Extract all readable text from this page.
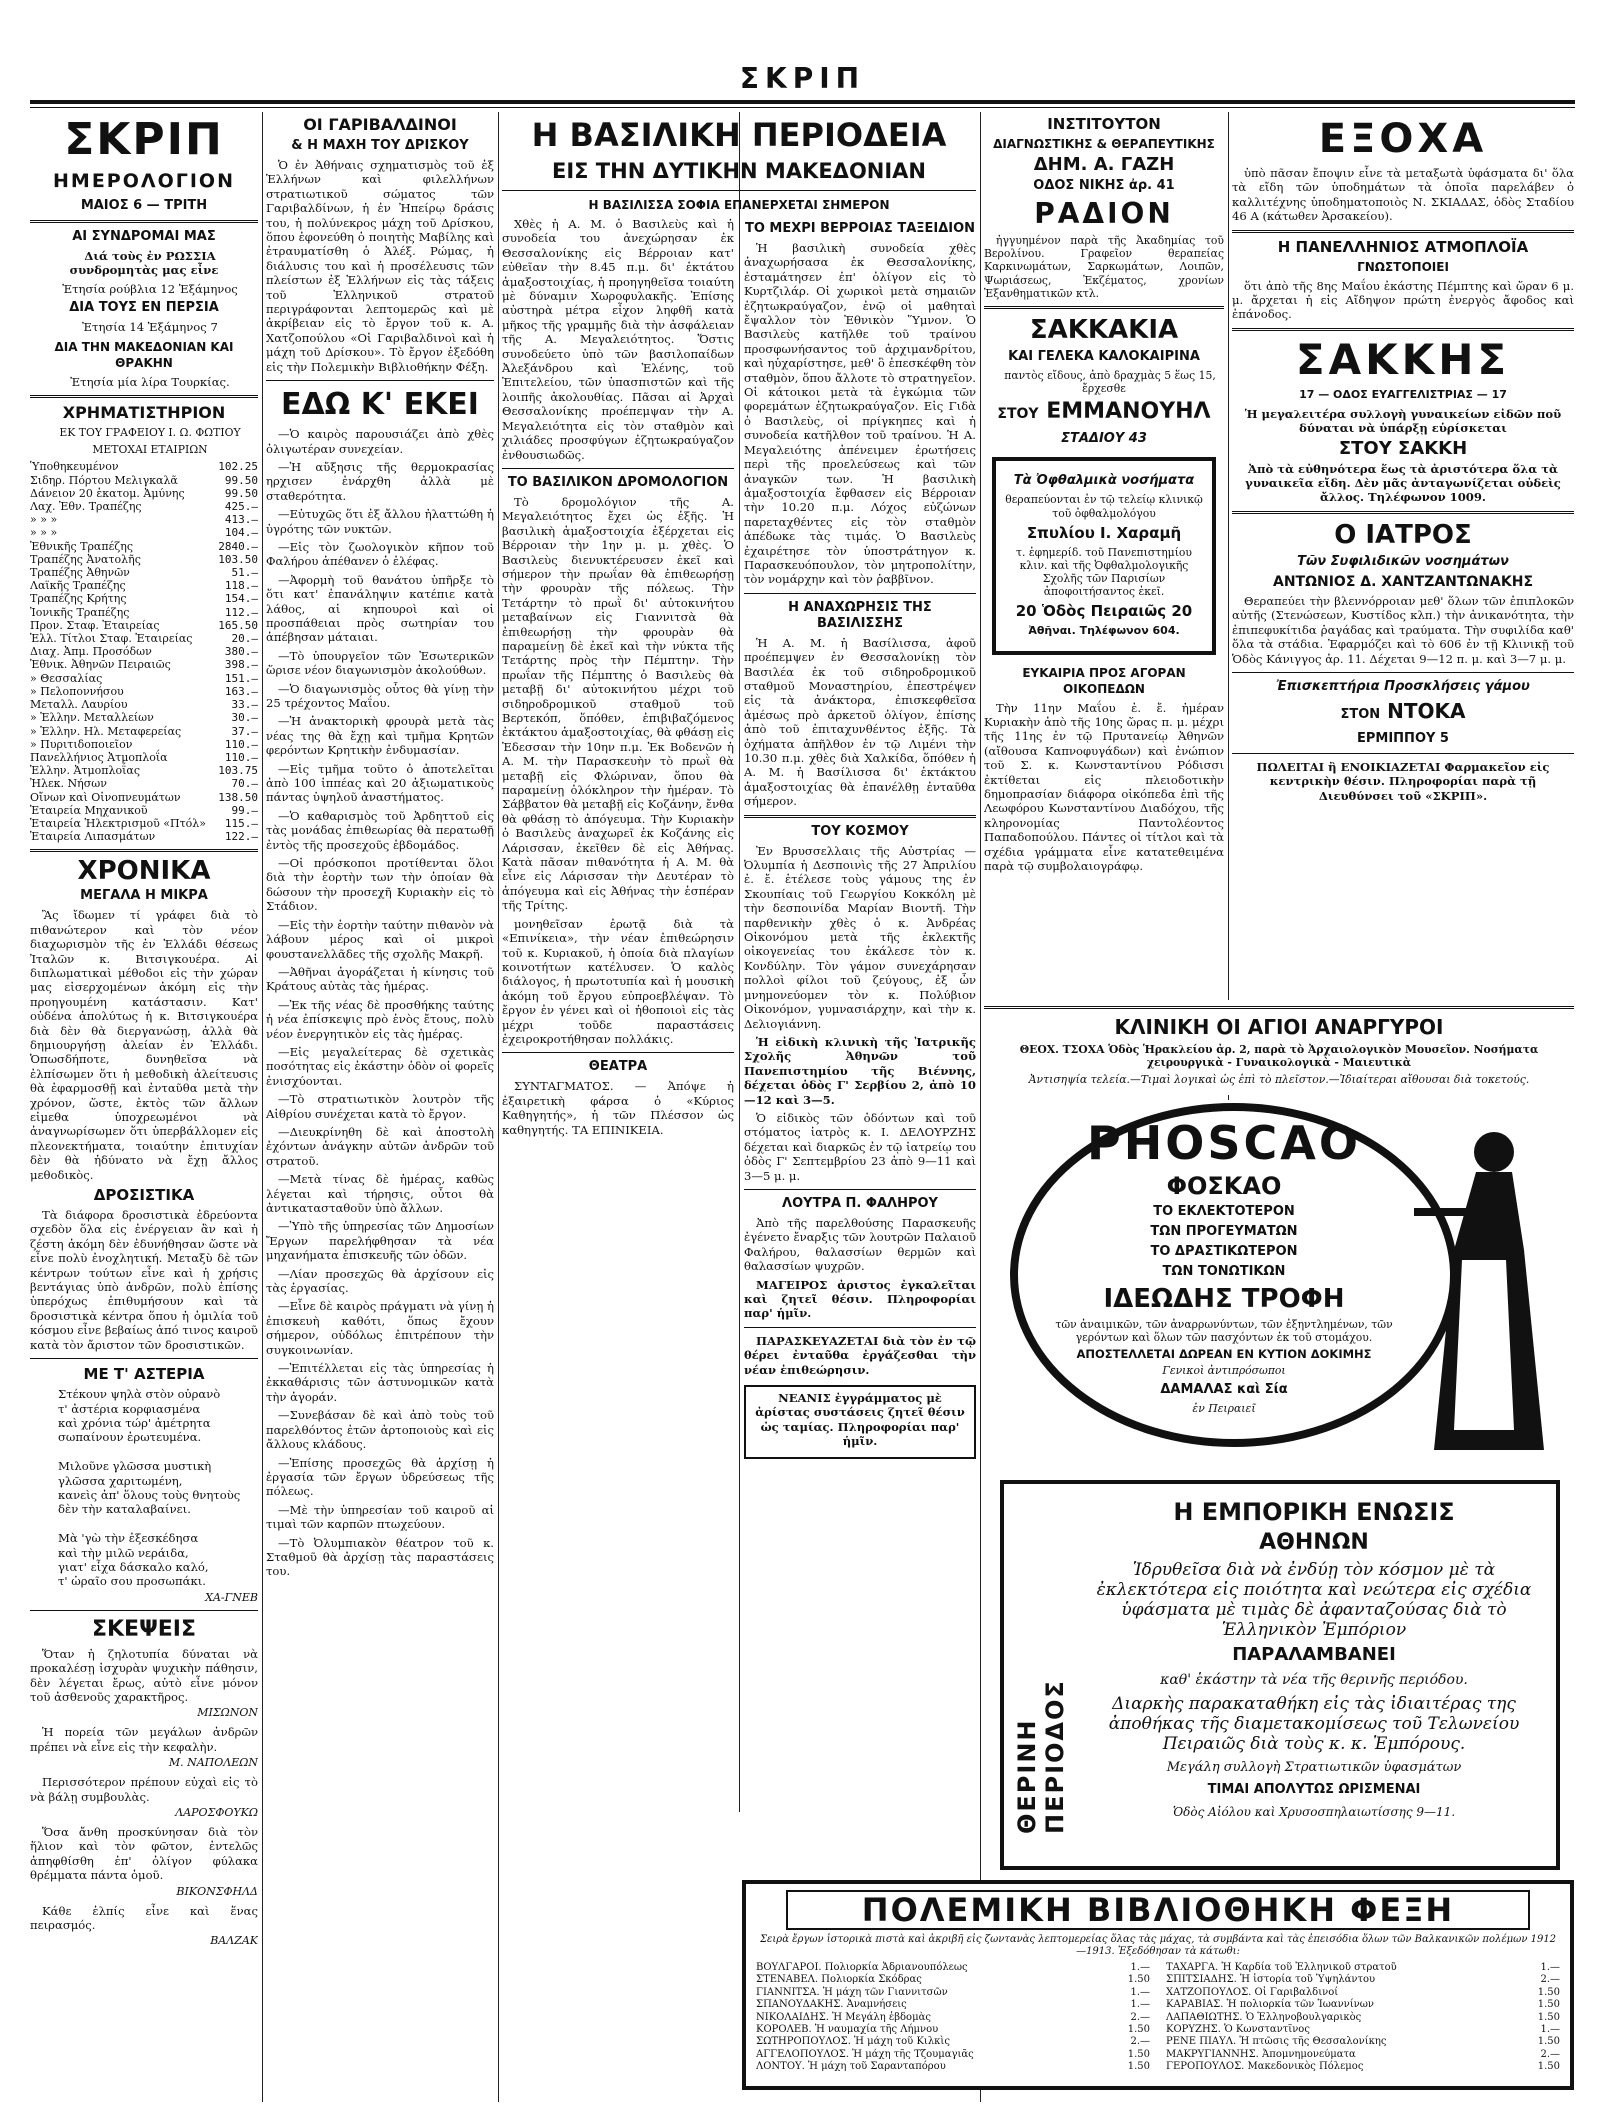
ΣΚΡΙΠ
ΣΚΡΙΠ
ΗΜΕΡΟΛΟΓΙΟΝ
ΜΑΙΟΣ 6 — ΤΡΙΤΗ
ΑΙ ΣΥΝΔΡΟΜΑΙ ΜΑΣ
Διά τοὺς ἐν ΡΩΣΣΙΑ συνδρομητὰς μας εἶνε
Ἐτησία ρούβλια 12 Ἑξάμηνος
ΔΙΑ ΤΟΥΣ ΕΝ ΠΕΡΣΙΑ
Ἐτησία 14 Ἑξάμηνος 7
ΔΙΑ ΤΗΝ ΜΑΚΕΔΟΝΙΑΝ ΚΑΙ ΘΡΑΚΗΝ
Ἐτησία μία λίρα Τουρκίας.
ΧΡΗΜΑΤΙΣΤΗΡΙΟΝ
ΕΚ ΤΟΥ ΓΡΑΦΕΙΟΥ Ι. Ω. ΦΩΤΙΟΥ
ΜΕΤΟΧΑΙ ΕΤΑΙΡΙΩΝ
Ὑποθηκευμένον	102.25
Σιδηρ. Πόρτου Μελιγκαλᾶ	99.50
Δάνειον 20 ἑκατομ. Ἀμύνης	99.50
Λαχ. Ἐθν. Τραπέζης	425.—
» » »	413.—
» » »	104.—
Ἐθνικῆς Τραπέζης	2840.—
Τραπέζης Ἀνατολῆς	103.50
Τραπέζης Ἀθηνῶν	51.—
Λαϊκῆς Τραπέζης	118.—
Τραπέζης Κρήτης	154.—
Ἰονικῆς Τραπέζης	112.—
Προν. Σταφ. Ἑταιρείας	165.50
Ἑλλ. Τίτλοι Σταφ. Ἑταιρείας	20.—
Διαχ. Ἀπμ. Προσόδων	380.—
Ἐθνικ. Ἀθηνῶν Πειραιῶς	398.—
» Θεσσαλίας	151.—
» Πελοποννήσου	163.—
Μεταλλ. Λαυρίου	33.—
» Ἑλλην. Μεταλλείων	30.—
» Ἑλλην. Ηλ. Μεταφερείας	37.—
» Πυριτιδοποιεῖον	110.—
Πανελλήνιος Ἀτμοπλοΐα	110.—
Ἑλλην. Ἀτμοπλοΐας	103.75
Ἠλεκ. Νήσων	70.—
Οἴνων καὶ Οἰνοπνευμάτων	138.50
Ἑταιρεία Μηχανικοῦ	99.—
Ἑταιρεία Ἡλεκτρισμοῦ «Πτόλ» 115.—
Ἑταιρεία Λιπασμάτων	122.—
ΧΡΟΝΙΚΑ
ΜΕΓΑΛΑ Η ΜΙΚΡΑ

Ἂς ἴδωμεν τί γράφει διὰ τὸ πιθανώτερον καὶ τὸν νέον διαχωρισμὸν τῆς ἐν Ἑλλάδι θέσεως Ἰταλῶν κ. Βιτσιγκουέρα. Αἱ διπλωματικαὶ μέθοδοι εἰς τὴν χώραν μας εἰσερχομένων ἀκόμη εἰς τὴν προηγουμένη κατάστασιν. Κατ' οὐδένα ἀπολύτως ἡ κ. Βιτσιγκουέρα διὰ δὲν θὰ διεργανώσῃ, ἀλλὰ θὰ δημιουργήσῃ ἀλείαν ἐν Ἑλλάδι. Ὁπωσδήποτε, δυνηθεῖσα νὰ ἐλπίσωμεν ὅτι ἡ μεθοδικὴ ἀλείτευσις θὰ ἐφαρμοσθῇ καὶ ἐνταῦθα μετὰ τὴν χρόνον, ὥστε, ἐκτὸς τῶν ἄλλων εἰμεθα ὑποχρεωμένοι νὰ ἀναγνωρίσωμεν ὅτι ὑπερβάλλομεν εἰς πλεονεκτήματα, τοιαύτην ἐπιτυχίαν δὲν θὰ ἠδύνατο νὰ ἔχῃ ἄλλος μεθοδικὸς.

ΔΡΟΣΙΣΤΙΚΑ

Τὰ διάφορα δροσιστικὰ ἐδρεύοντα σχεδὸν ὅλα εἰς ἐνέργειαν ἂν καὶ ἡ ζέστη ἀκόμη δὲν ἐδυνήθησαν ὥστε νὰ εἶνε πολὺ ἐνοχλητική. Μεταξὺ δὲ τῶν κέντρων τούτων εἶνε καὶ ἡ χρήσις βεντάγιας ὑπὸ ἀνδρῶν, πολὺ ἐπίσης ὑπερόχως ἐπιθυμήσουν καὶ τὰ δροσιστικὰ κέντρα ὅπου ἡ ὁμιλία τοῦ κόσμου εἶνε βεβαίως ἀπό τινος καιροῦ κατὰ τὸν ἄριστον τῶν δροσιστικῶν.

ΜΕ Τ' ΑΣΤΕΡΙΑ
Στέκουν ψηλὰ στὸν οὐρανὸ
τ' ἀστέρια κορφιασμένα
καὶ χρόνια τώρ' ἀμέτρητα
σωπαίνουν ἐρωτευμένα.

Μιλοῦνε γλῶσσα μυστικὴ
γλῶσσα χαριτωμένη,
κανεὶς ἀπ' ὅλους τοὺς θνητοὺς
δὲν τὴν καταλαβαίνει.

Μὰ 'γὼ τὴν ἐξεσκέδησα
καὶ τὴν μιλῶ νεράιδα,
γιατ' εἶχα δάσκαλο καλό,
τ' ὡραῖο σου προσωπάκι.
ΧΑ-ΓΝΕΒ
ΣΚΕΨΕΙΣ

Ὅταν ἡ ζηλοτυπία δύναται νὰ προκαλέσῃ ἰσχυρὰν ψυχικὴν πάθησιν, δὲν λέγεται ἔρως, αὐτὸ εἶνε μόνον τοῦ ἀσθενοῦς χαρακτῆρος.

ΜΙΣΩΝΟΝ

Ἡ πορεία τῶν μεγάλων ἀνδρῶν πρέπει νὰ εἶνε εἰς τὴν κεφαλὴν.

Μ. ΝΑΠΟΛΕΩΝ

Περισσότερον πρέπουν εὐχαὶ εἰς τὸ νὰ βάλῃ συμβουλὰς.

ΛΑΡΟΣΦΟΥΚΩ

Ὅσα ἄνθη προσκύνησαν διὰ τὸν ἥλιον καὶ τὸν φῶτον, ἐντελῶς ἀπηφθίσθη ἐπ' ὀλίγον φύλακα θρέμματα πάντα ὁμοῦ.

ΒΙΚΟΝΣΦΗΛΔ

Κάθε ἐλπίς εἶνε καὶ ἕνας πειρασμός.

ΒΑΛΖΑΚ
ΟΙ ΓΑΡΙΒΑΛΔΙΝΟΙ
& Η ΜΑΧΗ ΤΟΥ ΔΡΙΣΚΟΥ

Ὁ ἐν Ἀθήναις σχηματισμὸς τοῦ ἐξ Ἑλλήνων καὶ φιλελλήνων στρατιωτικοῦ σώματος τῶν Γαριβαλδίνων, ἡ ἐν Ἠπείρῳ δράσις του, ἡ πολύνεκρος μάχη τοῦ Δρίσκου, ὅπου ἐφονεύθη ὁ ποιητὴς Μαβίλης καὶ ἐτραυματίσθη ὁ Ἀλέξ. Ρώμας, ἡ διάλυσις του καὶ ἡ προσέλευσις τῶν πλείστων ἐξ Ἑλλήνων εἰς τὰς τάξεις τοῦ Ἑλληνικοῦ στρατοῦ περιγράφονται λεπτομερῶς καὶ μὲ ἀκρίβειαν εἰς τὸ ἔργον τοῦ κ. Α. Χατζοπούλου «Οἱ Γαριβαλδινοὶ καὶ ἡ μάχη τοῦ Δρίσκου». Τὸ ἔργον ἐξεδόθη εἰς τὴν Πολεμικὴν Βιβλιοθήκην Φέξη.

ΕΔΩ Κ' ΕΚΕΙ

—Ὁ καιρὸς παρουσιάζει ἀπὸ χθὲς ὀλιγωτέραν συνεχείαν.

—Ἡ αὔξησις τῆς θερμοκρασίας ηρχισεν ἐνάρχθη ἀλλὰ μὲ σταθερότητα.

—Εὐτυχῶς ὅτι ἐξ ἄλλου ἠλαττώθη ἡ ὑγρότης τῶν νυκτῶν.

—Εἰς τὸν ζωολογικὸν κῆπον τοῦ Φαλήρου ἀπέθανεν ὁ ἐλέφας.

—Ἀφορμὴ τοῦ θανάτου ὑπῆρξε τὸ ὅτι κατ' ἐπανάληψιν κατέπιε κατὰ λάθος, αἱ κηπουροὶ καὶ οἱ προσπάθειαι πρὸς σωτηρίαν του ἀπέβησαν μάταιαι.

—Τὸ ὑπουργεῖον τῶν Ἐσωτερικῶν ὥρισε νέον διαγωνισμὸν ἀκολούθων.

—Ὁ διαγωνισμὸς οὗτος θὰ γίνῃ τὴν 25 τρέχοντος Μαΐου.

—Ἡ ἀνακτορικὴ φρουρὰ μετὰ τὰς νέας της θὰ ἔχῃ καὶ τμῆμα Κρητῶν φερόντων Κρητικὴν ἐνδυμασίαν.

—Εἰς τμῆμα τοῦτο ὁ ἀποτελεῖται ἀπὸ 100 ἱππέας καὶ 20 ἀξιωματικοὺς πάντας ὑψηλοῦ ἀναστήματος.

—Ὁ καθαρισμὸς τοῦ Ἀρδηττοῦ εἰς τὰς μονάδας ἐπιθεωρίας θὰ περατωθῇ ἐντὸς τῆς προσεχοῦς ἑβδομάδος.

—Οἱ πρόσκοποι προτίθενται ὅλοι διὰ τὴν ἑορτὴν των τὴν ὁποίαν θὰ δώσουν τὴν προσεχῆ Κυριακὴν εἰς τὸ Στάδιον.

—Εἰς τὴν ἑορτὴν ταύτην πιθανὸν νὰ λάβουν μέρος καὶ οἱ μικροὶ φουστανελλᾶδες τῆς σχολῆς Μακρῆ.

—Ἀθῆναι ἀγοράζεται ἡ κίνησις τοῦ Κράτους αὐτὰς τὰς ἡμέρας.

—Ἐκ τῆς νέας δὲ προσθήκης ταύτης ἡ νέα ἐπίσκεψις πρὸ ἑνὸς ἔτους, πολὺ νέον ἐνεργητικὸν εἰς τὰς ἡμέρας.

—Εἰς μεγαλείτερας δὲ σχετικὰς ποσότητας εἰς ἑκάστην ὁδὸν οἱ φορεῖς ἐνισχύονται.

—Τὸ στρατιωτικὸν λουτρὸν τῆς Αἰθρίου συνέχεται κατὰ τὸ ἔργον.

—Διευκρίνηθη δὲ καὶ ἀποστολὴ ἐχόντων ἀνάγκην αὐτῶν ἀνδρῶν τοῦ στρατοῦ.

—Μετὰ τίνας δὲ ἡμέρας, καθὼς λέγεται καὶ τήρησις, οὗτοι θὰ ἀντικατασταθοῦν ὑπὸ ἄλλων.

—Ὑπὸ τῆς ὑπηρεσίας τῶν Δημοσίων Ἔργων παρελήφθησαν τὰ νέα μηχανήματα ἐπισκευῆς τῶν ὁδῶν.

—Λίαν προσεχῶς θὰ ἀρχίσουν εἰς τὰς ἐργασίας.

—Εἶνε δὲ καιρὸς πράγματι νὰ γίνῃ ἡ ἐπισκευὴ καθότι, ὅπως ἔχουν σήμερον, οὐδόλως ἐπιτρέπουν τὴν συγκοινωνίαν.

—Ἐπιτέλλεται εἰς τὰς ὑπηρεσίας ἡ ἐκκαθάρισις τῶν ἀστυνομικῶν κατὰ τὴν ἀγοράν.

—Συνεβάσαν δὲ καὶ ἀπὸ τοὺς τοῦ παρελθόντος ἐτῶν ἀρτοποιοὺς καὶ εἰς ἄλλους κλάδους.

—Ἐπίσης προσεχῶς θὰ ἀρχίσῃ ἡ ἐργασία τῶν ἔργων ὑδρεύσεως τῆς πόλεως.

—Μὲ τὴν ὑπηρεσίαν τοῦ καιροῦ αἱ τιμαὶ τῶν καρπῶν πτωχεύουν.

—Τὸ Ὀλυμπιακὸν θέατρον τοῦ κ. Σταθμοῦ θὰ ἀρχίσῃ τὰς παραστάσεις του.

Η ΒΑΣΙΛΙΚΗ ΠΕΡΙΟΔΕΙΑ
ΕΙΣ ΤΗΝ ΔΥΤΙΚΗΝ ΜΑΚΕΔΟΝΙΑΝ
Η ΒΑΣΙΛΙΣΣΑ ΣΟΦΙΑ ΕΠΑΝΕΡΧΕΤΑΙ ΣΗΜΕΡΟΝ

Χθὲς ἡ Α. Μ. ὁ Βασιλεὺς καὶ ἡ συνοδεία του ἀνεχώρησαν ἐκ Θεσσαλονίκης εἰς Βέρροιαν κατ' εὐθεῖαν τὴν 8.45 π.μ. δι' ἐκτάτου ἀμαξοστοιχίας, ἡ προηγηθεῖσα τοιαύτη μὲ δύναμιν Χωροφυλακῆς. Ἐπίσης αὐστηρὰ μέτρα εἶχον ληφθῆ κατὰ μῆκος τῆς γραμμῆς διὰ τὴν ἀσφάλειαν τῆς Α. Μεγαλειότητος. Ὅστις συνοδεύετο ὑπὸ τῶν βασιλοπαίδων Ἀλεξάνδρου καὶ Ἑλένης, τοῦ Ἐπιτελείου, τῶν ὑπασπιστῶν καὶ τῆς λοιπῆς ἀκολουθίας. Πᾶσαι αἱ Ἀρχαὶ Θεσσαλονίκης προέπεμψαν τὴν Α. Μεγαλειότητα εἰς τὸν σταθμὸν καὶ χιλιάδες προσφύγων ἐζητωκραύγαζον ἐνθουσιωδῶς.

ΤΟ ΒΑΣΙΛΙΚΟΝ ΔΡΟΜΟΛΟΓΙΟΝ

Τὸ δρομολόγιον τῆς Α. Μεγαλειότητος ἔχει ὡς ἑξῆς. Ἡ βασιλικὴ ἁμαξοστοιχία ἐξέρχεται εἰς Βέρροιαν τὴν 1ην μ. μ. χθὲς. Ὁ Βασιλεὺς διενυκτέρευσεν ἐκεῖ καὶ σήμερον τὴν πρωΐαν θὰ ἐπιθεωρήσῃ τὴν φρουρὰν τῆς πόλεως. Τὴν Τετάρτην τὸ πρωῒ δι' αὐτοκινήτου μεταβαίνων εἰς Γιαννιτσὰ θὰ ἐπιθεωρήσῃ τὴν φρουρὰν θὰ παραμείνῃ δὲ ἐκεῖ καὶ τὴν νύκτα τῆς Τετάρτης πρὸς τὴν Πέμπτην. Τὴν πρωΐαν τῆς Πέμπτης ὁ Βασιλεὺς θὰ μεταβῇ δι' αὐτοκινήτου μέχρι τοῦ σιδηροδρομικοῦ σταθμοῦ τοῦ Βερτεκόπ, ὅπόθεν, ἐπιβιβαζόμενος ἐκτάκτου ἁμαξοστοιχίας, θὰ φθάσῃ εἰς Ἐδεσσαν τὴν 10ην π.μ. Ἐκ Βοδενῶν ἡ Α. Μ. τὴν Παρασκευὴν τὸ πρωῒ θὰ μεταβῇ εἰς Φλώριναν, ὅπου θὰ παραμείνῃ ὁλόκληρον τὴν ἡμέραν. Τὸ Σάββατον θὰ μεταβῇ εἰς Κοζάνην, ἔνθα θὰ φθάσῃ τὸ ἀπόγευμα. Τὴν Κυριακὴν ὁ Βασιλεὺς ἀναχωρεῖ ἐκ Κοζάνης εἰς Λάρισσαν, ἐκεῖθεν δὲ εἰς Ἀθήνας. Κατὰ πᾶσαν πιθανότητα ἡ Α. Μ. θὰ εἶνε εἰς Λάρισσαν τὴν Δευτέραν τὸ ἀπόγευμα καὶ εἰς Ἀθήνας τὴν ἑσπέραν τῆς Τρίτης.

μονηθεῖσαν ἐρωτᾷ διὰ τὰ «Επινίκεια», τὴν νέαν ἐπιθεώρησιν τοῦ κ. Κυριακοῦ, ἡ ὁποία διὰ πλαγίων κοινοτήτων κατέλυσεν. Ὁ καλὸς διάλογος, ἡ πρωτοτυπία καὶ ἡ μουσικὴ ἀκόμη τοῦ ἔργου εὐπροεβλέψαν. Τὸ ἔργον ἐν γένει καὶ οἱ ἠθοποιοὶ εἰς τὰς μέχρι τοῦδε παραστάσεις ἐχειροκροτήθησαν πολλάκις.

ΘΕΑΤΡΑ

ΣΥΝΤΑΓΜΑΤΟΣ. — Ἀπόψε ἡ ἐξαιρετικὴ φάρσα ὁ «Κύριος Καθηγητής», ἡ τῶν Πλέσσον ὡς καθηγητής. ΤΑ ΕΠΙΝΙΚΕΙΑ.

ΤΟ ΜΕΧΡΙ ΒΕΡΡΟΙΑΣ ΤΑΞΕΙΔΙΟΝ

Ἡ βασιλικὴ συνοδεία χθὲς ἀναχωρήσασα ἐκ Θεσσαλονίκης, ἐσταμάτησεν ἐπ' ὀλίγον εἰς τὸ Κυρτζιλάρ. Οἱ χωρικοὶ μετὰ σημαιῶν ἐζητωκραύγαζον, ἐνῷ οἱ μαθηταὶ ἔψαλλον τὸν Ἐθνικὸν Ὕμνον. Ὁ Βασιλεὺς κατῆλθε τοῦ τραίνου προσφωνήσαντος τοῦ ἀρχιμανδρίτου, καὶ ηὐχαρίστησε, μεθ' ὃ ἐπεσκέφθη τὸν σταθμὸν, ὅπου ἄλλοτε τὸ στρατηγεῖον. Οἱ κάτοικοι μετὰ τὰ ἐγκώμια τῶν φορεμάτων ἐζητωκραύγαζον. Εἰς Γιδὰ ὁ Βασιλεὺς, οἱ πρίγκηπες καὶ ἡ συνοδεία κατῆλθον τοῦ τραίνου. Ἡ Α. Μεγαλειότης ἀπένειμεν ἐρωτήσεις περὶ τῆς προελεύσεως καὶ τῶν ἀναγκῶν των. Ἡ βασιλικὴ ἁμαξοστοιχία ἔφθασεν εἰς Βέρροιαν τὴν 10.20 π.μ. Λόχος εὐζώνων παρεταχθέντες εἰς τὸν σταθμὸν ἀπέδωκε τὰς τιμάς. Ὁ Βασιλεὺς ἐχαιρέτησε τὸν ὑποστράτηγον κ. Παρασκευόπουλον, τὸν μητροπολίτην, τὸν νομάρχην καὶ τὸν ῥαββῖνον.

Η ΑΝΑΧΩΡΗΣΙΣ ΤΗΣ ΒΑΣΙΛΙΣΣΗΣ

Ἡ Α. Μ. ἡ Βασίλισσα, ἀφοῦ προέπεμψεν ἐν Θεσσαλονίκῃ τὸν Βασιλέα ἐκ τοῦ σιδηροδρομικοῦ σταθμοῦ Μοναστηρίου, ἐπεστρέψεν εἰς τὰ ἀνάκτορα, ἐπισκεφθεῖσα ἀμέσως πρὸ ἀρκετοῦ ὀλίγον, ἐπίσης ἀπὸ τοῦ ἐπιταχυνθέντος ἑξῆς. Τὰ ὀχήματα ἀπῆλθον ἐν τῷ Λιμένι τὴν 10.30 π.μ. χθὲς διὰ Χαλκίδα, ὅπόθεν ἡ Α. Μ. ἡ Βασίλισσα δι' ἐκτάκτου ἁμαξοστοιχίας θὰ ἐπανέλθῃ ἐνταῦθα σήμερον.

ΤΟΥ ΚΟΣΜΟΥ

Ἐν Βρυσσελλαις τῆς Αὐστρίας — Ὀλυμπία ἡ Δεσποινὶς τῆς 27 Ἀπριλίου ἐ. ἔ. ἐτέλεσε τοὺς γάμους της ἐν Σκουπίαις τοῦ Γεωργίου Κοκκόλη μὲ τὴν δεσποινίδα Μαρίαν Βιοντῆ. Τὴν παρθενικὴν χθὲς ὁ κ. Ἀνδρέας Οἰκονόμου μετὰ τῆς ἐκλεκτῆς οἰκογενείας του ἐκάλεσε τὸν κ. Κονδύλην. Τὸν γάμον συνεχάρησαν πολλοὶ φίλοι τοῦ ζεύγους, ἐξ ὧν μνημονεύομεν τὸν κ. Πολύβιον Οἰκονόμον, γυμνασιάρχην, καὶ τὴν κ. Δελιογιάννη.

Ἡ εἰδικὴ κλινικὴ τῆς Ἰατρικῆς Σχολῆς Ἀθηνῶν τοῦ Πανεπιστημίου τῆς Βιέννης, δέχεται ὁδὸς Γ' Σερβίου 2, ἀπὸ 10—12 καὶ 3—5.

Ὁ εἰδικὸς τῶν ὀδόντων καὶ τοῦ στόματος ἰατρὸς κ. Ι. ΔΕΛΟΥΡΖΗΣ δέχεται καὶ διαρκῶς ἐν τῷ ἰατρείῳ του ὁδὸς Γ' Σεπτεμβρίου 23 ἀπὸ 9—11 καὶ 3—5 μ. μ.

ΛΟΥΤΡΑ Π. ΦΑΛΗΡΟΥ

Ἀπὸ τῆς παρελθούσης Παρασκευῆς ἐγένετο ἔναρξις τῶν λουτρῶν Παλαιοῦ Φαλήρου, θαλασσίων θερμῶν καὶ θαλασσίων ψυχρῶν.

ΜΑΓΕΙΡΟΣ ἀριστος ἐγκαλεῖται καὶ ζητεῖ θέσιν. Πληροφορίαι παρ' ἡμῖν.

ΠΑΡΑΣΚΕΥΑΖΕΤΑΙ διὰ τὸν ἐν τῷ θέρει ἐνταῦθα ἐργάζεσθαι τὴν νέαν ἐπιθεώρησιν.

ΝΕΑΝΙΣ ἐγγράμματος μὲ ἀρίστας συστάσεις ζητεῖ θέσιν ὡς ταμίας. Πληροφορίαι παρ' ἡμῖν.

ΙΝΣΤΙΤΟΥΤΟΝ
ΔΙΑΓΝΩΣΤΙΚΗΣ & ΘΕΡΑΠΕΥΤΙΚΗΣ
ΔΗΜ. Α. ΓΑΖΗ
ΟΔΟΣ ΝΙΚΗΣ ἀρ. 41
ΡΑΔΙΟΝ

ἠγγυημένον παρὰ τῆς Ἀκαδημίας τοῦ Βερολίνου. Γραφεῖον θεραπείας Καρκινωμάτων, Σαρκωμάτων, Λοιπῶν, Ψωριάσεως, Ἐκζέματος, χρονίων Ἐξανθηματικῶν κτλ.

ΣΑΚΚΑΚΙΑ
ΚΑΙ ΓΕΛΕΚΑ ΚΑΛΟΚΑΙΡΙΝΑ

παντὸς εἴδους, ἀπὸ δραχμὰς 5 ἕως 15, ἔρχεσθε

ΣΤΟΥ ΕΜΜΑΝΟΥΗΛ
ΣΤΑΔΙΟΥ 43
Τὰ Ὀφθαλμικὰ νοσήματα

θεραπεύονται ἐν τῷ τελείῳ κλινικῷ τοῦ ὀφθαλμολόγου

Σπυλίου Ι. Χαραμῆ

τ. ἐφημερίδ. τοῦ Πανεπιστημίου κλιν. καὶ τῆς Ὀφθαλμολογικῆς Σχολῆς τῶν Παρισίων ἀποφοιτήσαντος ἐκεῖ.

20 Ὁδὸς Πειραιῶς 20
Ἀθῆναι. Τηλέφωνον 604.
ΕΥΚΑΙΡΙΑ ΠΡΟΣ ΑΓΟΡΑΝ ΟΙΚΟΠΕΔΩΝ

Τὴν 11ην Μαΐου ἐ. ἔ. ἡμέραν Κυριακὴν ἀπὸ τῆς 10ης ὥρας π. μ. μέχρι τῆς 11ης ἐν τῷ Πρυτανείῳ Ἀθηνῶν (αἴθουσα Καπνοφυγάδων) καὶ ἐνώπιον τοῦ Σ. κ. Κωνσταντίνου Ρόδισσι ἐκτίθεται εἰς πλειοδοτικὴν δημοπρασίαν διάφορα οἰκόπεδα ἐπὶ τῆς Λεωφόρου Κωνσταντίνου Διαδόχου, τῆς κληρονομίας Παντολέοντος Παπαδοπούλου. Πάντες οἱ τίτλοι καὶ τὰ σχέδια γράμματα εἶνε κατατεθειμένα παρὰ τῷ συμβολαιογράφῳ.

ΕΞΟΧΑ

ὑπὸ πᾶσαν ἔποψιν εἶνε τὰ μεταξωτὰ ὑφάσματα δι' ὅλα τὰ εἴδη τῶν ὑποδημάτων τὰ ὁποῖα παρελάβεν ὁ καλλιτέχνης ὑποδηματοποιὸς Ν. ΣΚΙΑΔΑΣ, ὁδὸς Σταδίου 46 Α (κάτωθεν Ἀρσακείου).

Η ΠΑΝΕΛΛΗΝΙΟΣ ΑΤΜΟΠΛΟΪΑ
ΓΝΩΣΤΟΠΟΙΕΙ

ὅτι ἀπὸ τῆς 8ης Μαΐου ἐκάστης Πέμπτης καὶ ὥραν 6 μ. μ. ἄρχεται ἡ εἰς Αἴδηψον πρώτη ἐνεργὸς ἄφοδος καὶ ἐπάνοδος.

ΣΑΚΚΗΣ
17 — ΟΔΟΣ ΕΥΑΓΓΕΛΙΣΤΡΙΑΣ — 17

Ἡ μεγαλειτέρα συλλογὴ γυναικείων εἰδῶν ποῦ δύναται νὰ ὑπάρξῃ εὑρίσκεται

ΣΤΟΥ ΣΑΚΚΗ

Ἀπὸ τὰ εὐθηνότερα ἕως τὰ ἀριστότερα ὅλα τὰ γυναικεῖα εἴδη. Δὲν μᾶς ἀνταγωνίζεται οὐδεὶς ἄλλος. Τηλέφωνον 1009.

Ο ΙΑΤΡΟΣ
Τῶν Συφιλιδικῶν νοσημάτων
ΑΝΤΩΝΙΟΣ Δ. ΧΑΝΤΖΑΝΤΩΝΑΚΗΣ

Θεραπεύει τὴν βλεννόρροιαν μεθ' ὅλων τῶν ἐπιπλοκῶν αὐτῆς (Στενώσεων, Κυστίδος κλπ.) τὴν ἀνικανότητα, τὴν ἐπιπεφυκίτιδα ῥαγάδας καὶ τραύματα. Τὴν συφιλίδα καθ' ὅλα τὰ στάδια. Ἐφαρμόζει καὶ τὸ 606 ἐν τῇ Κλινικῇ τοῦ Ὁδὸς Κάνιγγος ἀρ. 11. Δέχεται 9—12 π. μ. καὶ 3—7 μ. μ.

Ἐπισκεπτήρια Προσκλήσεις γάμου
ΣΤΟΝ ΝΤΟΚΑ
ΕΡΜΙΠΠΟΥ 5

ΠΩΛΕΙΤΑΙ ἢ ΕΝΟΙΚΙΑΖΕΤΑΙ Φαρμακεῖον εἰς κεντρικὴν θέσιν. Πληροφορίαι παρὰ τῇ Διευθύνσει τοῦ «ΣΚΡΙΠ».

ΚΛΙΝΙΚΗ ΟΙ ΑΓΙΟΙ ΑΝΑΡΓΥΡΟΙ

ΘΕΟΧ. ΤΣΟΧΑ Ὁδὸς Ἡρακλείου ἀρ. 2, παρὰ τὸ Ἀρχαιολογικὸν Μουσεῖον. Νοσήματα χειρουργικὰ - Γυναικολογικὰ - Μαιευτικὰ

Ἀντισηψία τελεία.—Τιμαὶ λογικαὶ ὡς ἐπὶ τὸ πλεῖστον.—Ἰδιαίτεραι αἴθουσαι διὰ τοκετούς.

PHOSCAO
ΦΟΣΚΑΟ
ΤΟ ΕΚΛΕΚΤΟΤΕΡΟΝ
ΤΩΝ ΠΡΟΓΕΥΜΑΤΩΝ
ΤΟ ΔΡΑΣΤΙΚΩΤΕΡΟΝ
ΤΩΝ ΤΟΝΩΤΙΚΩΝ
ΙΔΕΩΔΗΣ ΤΡΟΦΗ

τῶν ἀναιμικῶν, τῶν ἀναρρωνύντων, τῶν ἐξηντλημένων, τῶν γερόντων καὶ ὅλων τῶν πασχόντων ἐκ τοῦ στομάχου.

ΑΠΟΣΤΕΛΛΕΤΑΙ ΔΩΡΕΑΝ ΕΝ ΚΥΤΙΟΝ ΔΟΚΙΜΗΣ
Γενικοὶ ἀντιπρόσωποι
ΔΑΜΑΛΑΣ καὶ Σία
ἐν Πειραιεῖ
M.DEL.
ΘΕΡΙΝΗ ΠΕΡΙΟΔΟΣ
Η ΕΜΠΟΡΙΚΗ ΕΝΩΣΙΣ
ΑΘΗΝΩΝ
Ἱδρυθεῖσα διὰ νὰ ἐνδύῃ τὸν κόσμον μὲ τὰ ἐκλεκτότερα εἰς ποιότητα καὶ νεώτερα εἰς σχέδια ὑφάσματα μὲ τιμὰς δὲ ἀφανταζούσας διὰ τὸ Ἑλληνικὸν Ἐμπόριον
ΠΑΡΑΛΑΜΒΑΝΕΙ
καθ' ἑκάστην τὰ νέα τῆς θερινῆς περιόδου.
Διαρκὴς παρακαταθήκη εἰς τὰς ἰδιαιτέρας της ἀποθήκας τῆς διαμετακομίσεως τοῦ Τελωνείου Πειραιῶς διὰ τοὺς κ. κ. Ἐμπόρους.
Μεγάλη συλλογὴ Στρατιωτικῶν ὑφασμάτων
ΤΙΜΑΙ ΑΠΟΛΥΤΩΣ ΩΡΙΣΜΕΝΑΙ
Ὁδὸς Αἰόλου καὶ Χρυσοσπηλαιωτίσσης 9—11.
ΠΟΛΕΜΙΚΗ ΒΙΒΛΙΟΘΗΚΗ ΦΕΞΗ

Σειρὰ ἔργων ἱστορικὰ πιστὰ καὶ ἀκριβῆ εἰς ζωντανὰς λεπτομερείας ὅλας τὰς μάχας, τὰ συμβάντα καὶ τὰς ἐπεισόδια ὅλων τῶν Βαλκανικῶν πολέμων 1912—1913. Ἐξεδόθησαν τὰ κάτωθι:

ΒΟΥΛΓΑΡΟΙ. Πολιορκία Ἀδριανουπόλεως	1.—
ΣΤΕΝΑΒΕΛ. Πολιορκία Σκόδρας	1.50
ΓΙΑΝΝΙΤΣΑ. Ἡ μάχη τῶν Γιαννιτσῶν	1.—
ΣΠΑΝΟΥΔΑΚΗΣ. Ἀναμνήσεις	1.—
ΝΙΚΟΛΑΙΔΗΣ. Ἡ Μεγάλη ἑβδομὰς	2.—
ΚΟΡΟΛΕΒ. Ἡ ναυμαχία τῆς Λήμνου	1.50
ΣΩΤΗΡΟΠΟΥΛΟΣ. Ἡ μάχη τοῦ Κιλκὶς	2.—
ΑΓΓΕΛΟΠΟΥΛΟΣ. Ἡ μάχη τῆς Τζουμαγιᾶς	1.50
ΛΟΝΤΟΥ. Ἡ μάχη τοῦ Σαρανταπόρου	1.50
ΤΑΧΑΡΓΑ. Ἡ Καρδία τοῦ Ἐλληνικοῦ στρατοῦ	1.—
ΣΠΙΤΣΙΑΔΗΣ. Ἡ ἱστορία τοῦ Ὑψηλάντου	2.—
ΧΑΤΖΟΠΟΥΛΟΣ. Οἱ Γαριβαλδινοί	1.50
ΚΑΡΑΒΙΑΣ. Ἡ πολιορκία τῶν Ἰωαννίνων	1.50
ΛΑΠΑΘΙΩΤΗΣ. Ὁ Ἑλληνοβουλγαρικὸς	1.50
ΚΟΡΥΖΗΣ. Ὁ Κωνσταντῖνος	1.—
ΡΕΝΕ ΠΙΑΥΛ. Ἡ πτῶσις τῆς Θεσσαλονίκης	1.50
ΜΑΚΡΥΓΙΑΝΝΗΣ. Ἀπομνημονεύματα	2.—
ΓΕΡΟΠΟΥΛΟΣ. Μακεδονικὸς Πόλεμος	1.50
